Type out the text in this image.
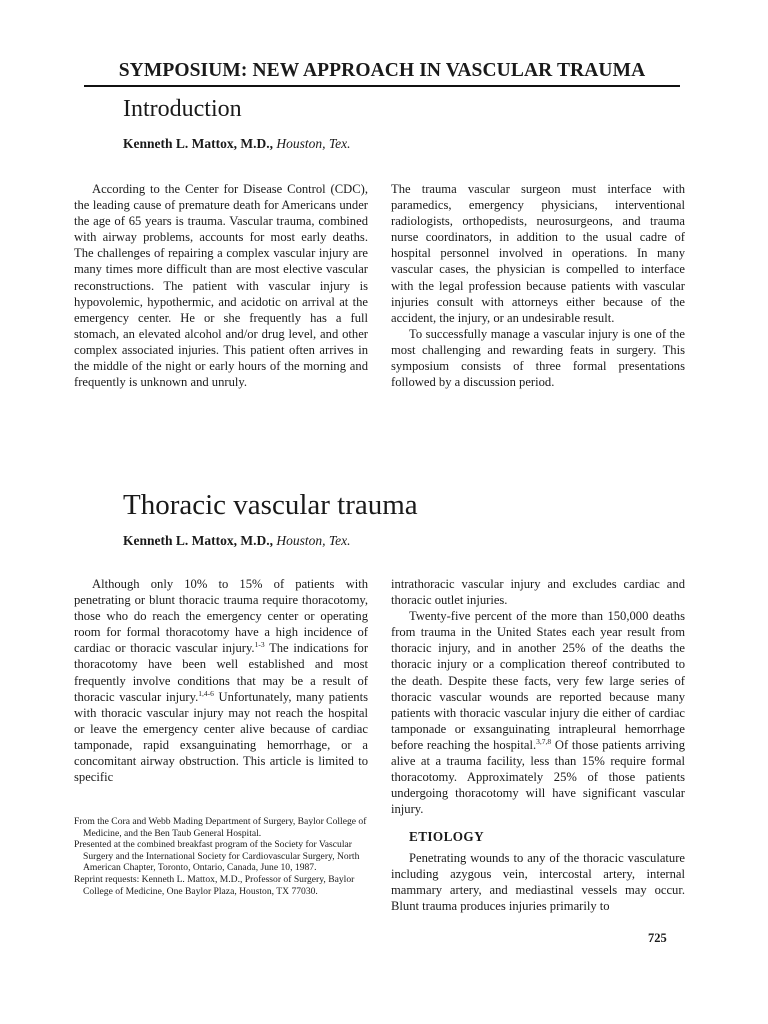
SYMPOSIUM: NEW APPROACH IN VASCULAR TRAUMA
Introduction
Kenneth L. Mattox, M.D., Houston, Tex.

According to the Center for Disease Control (CDC), the leading cause of premature death for Americans under the age of 65 years is trauma. Vascular trauma, combined with airway problems, accounts for most early deaths. The challenges of repairing a complex vascular injury are many times more difficult than are most elective vascular reconstructions. The patient with vascular injury is hypovolemic, hypothermic, and acidotic on arrival at the emergency center. He or she frequently has a full stomach, an elevated alcohol and/or drug level, and other complex associated injuries. This patient often arrives in the middle of the night or early hours of the morning and frequently is unknown and unruly.

The trauma vascular surgeon must interface with paramedics, emergency physicians, interventional radiologists, orthopedists, neurosurgeons, and trauma nurse coordinators, in addition to the usual cadre of hospital personnel involved in operations. In many vascular cases, the physician is compelled to interface with the legal profession because patients with vascular injuries consult with attorneys either because of the accident, the injury, or an undesirable result.

To successfully manage a vascular injury is one of the most challenging and rewarding feats in surgery. This symposium consists of three formal presentations followed by a discussion period.

Thoracic vascular trauma
Kenneth L. Mattox, M.D., Houston, Tex.

Although only 10% to 15% of patients with penetrating or blunt thoracic trauma require thoracotomy, those who do reach the emergency center or operating room for formal thoracotomy have a high incidence of cardiac or thoracic vascular injury.$^{1-3}$ The indications for thoracotomy have been well established and most frequently involve conditions that may be a result of thoracic vascular injury.$^{1,4-6}$ Unfortunately, many patients with thoracic vascular injury may not reach the hospital or leave the emergency center alive because of cardiac tamponade, rapid exsanguinating hemorrhage, or a concomitant airway obstruction. This article is limited to specific

From the Cora and Webb Mading Department of Surgery, Baylor College of Medicine, and the Ben Taub General Hospital.

Presented at the combined breakfast program of the Society for Vascular Surgery and the International Society for Cardiovascular Surgery, North American Chapter, Toronto, Ontario, Canada, June 10, 1987.

Reprint requests: Kenneth L. Mattox, M.D., Professor of Surgery, Baylor College of Medicine, One Baylor Plaza, Houston, TX 77030.

intrathoracic vascular injury and excludes cardiac and thoracic outlet injuries.

Twenty-five percent of the more than 150,000 deaths from trauma in the United States each year result from thoracic injury, and in another 25% of the deaths the thoracic injury or a complication thereof contributed to the death. Despite these facts, very few large series of thoracic vascular wounds are reported because many patients with thoracic vascular injury die either of cardiac tamponade or exsanguinating intrapleural hemorrhage before reaching the hospital.$^{3,7,8}$ Of those patients arriving alive at a trauma facility, less than 15% require formal thoracotomy. Approximately 25% of those patients undergoing thoracotomy will have significant vascular injury.

ETIOLOGY

Penetrating wounds to any of the thoracic vasculature including azygous vein, intercostal artery, internal mammary artery, and mediastinal vessels may occur. Blunt trauma produces injuries primarily to

725
